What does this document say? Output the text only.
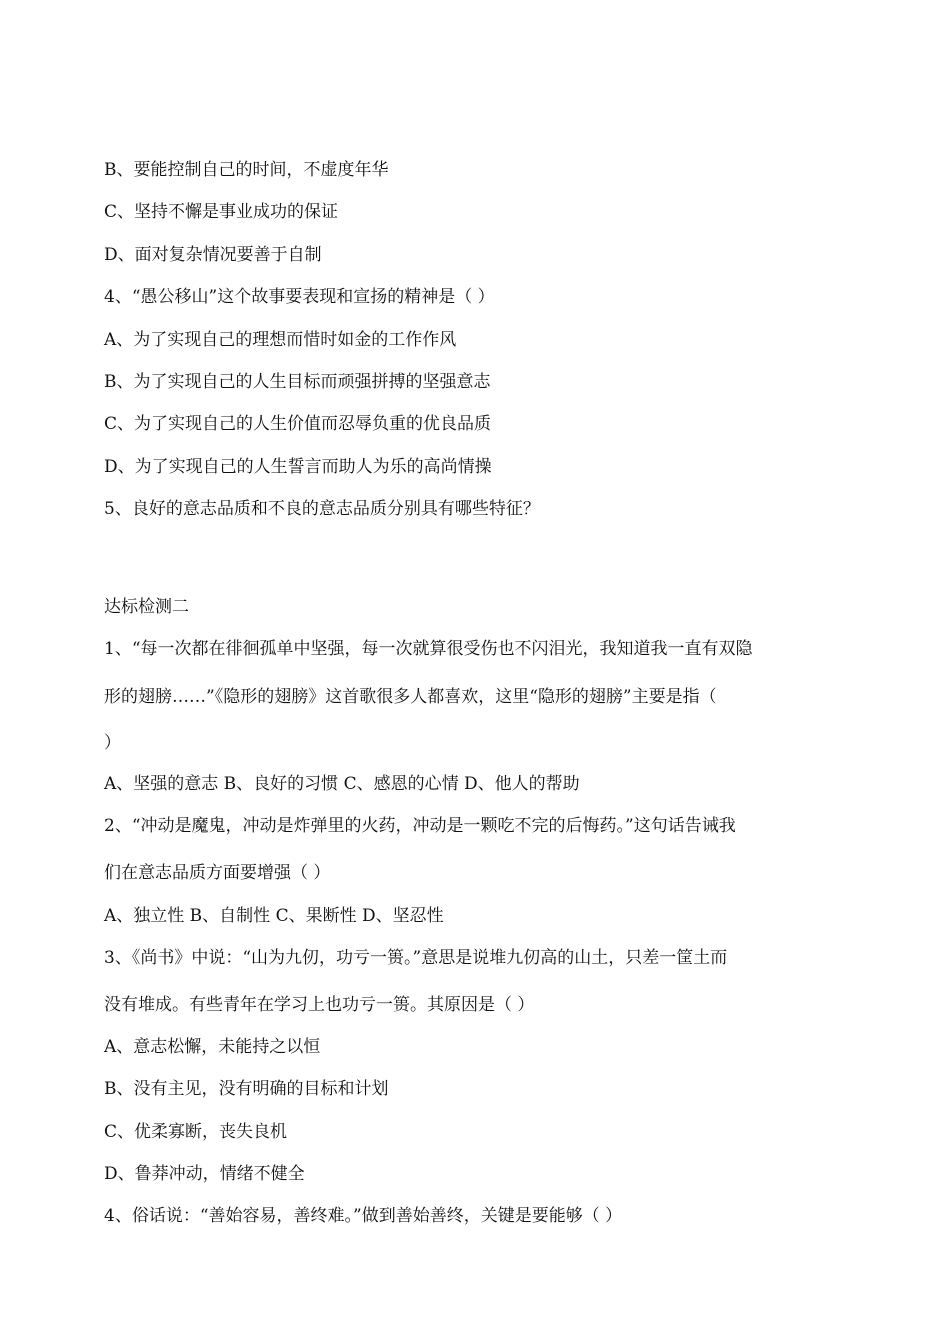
B、要能控制自己的时间，不虚度年华
C、坚持不懈是事业成功的保证
D、面对复杂情况要善于自制
4、“愚公移山”这个故事要表现和宣扬的精神是（ ）
A、为了实现自己的理想而惜时如金的工作作风
B、为了实现自己的人生目标而顽强拼搏的坚强意志
C、为了实现自己的人生价值而忍辱负重的优良品质
D、为了实现自己的人生誓言而助人为乐的高尚情操
5、良好的意志品质和不良的意志品质分别具有哪些特征？
达标检测二
1、“每一次都在徘徊孤单中坚强，每一次就算很受伤也不闪泪光，我知道我一直有双隐
形的翅膀……”《隐形的翅膀》这首歌很多人都喜欢，这里“隐形的翅膀”主要是指（
）
A、坚强的意志 B、良好的习惯 C、感恩的心情 D、他人的帮助
2、“冲动是魔鬼，冲动是炸弹里的火药，冲动是一颗吃不完的后悔药。”这句话告诫我
们在意志品质方面要增强（ ）
A、独立性 B、自制性 C、果断性 D、坚忍性
3、《尚书》中说：“山为九仞，功亏一篑。”意思是说堆九仞高的山土，只差一筐土而
没有堆成。有些青年在学习上也功亏一篑。其原因是（ ）
A、意志松懈，未能持之以恒
B、没有主见，没有明确的目标和计划
C、优柔寡断，丧失良机
D、鲁莽冲动，情绪不健全
4、俗话说：“善始容易，善终难。”做到善始善终，关键是要能够（ ）
